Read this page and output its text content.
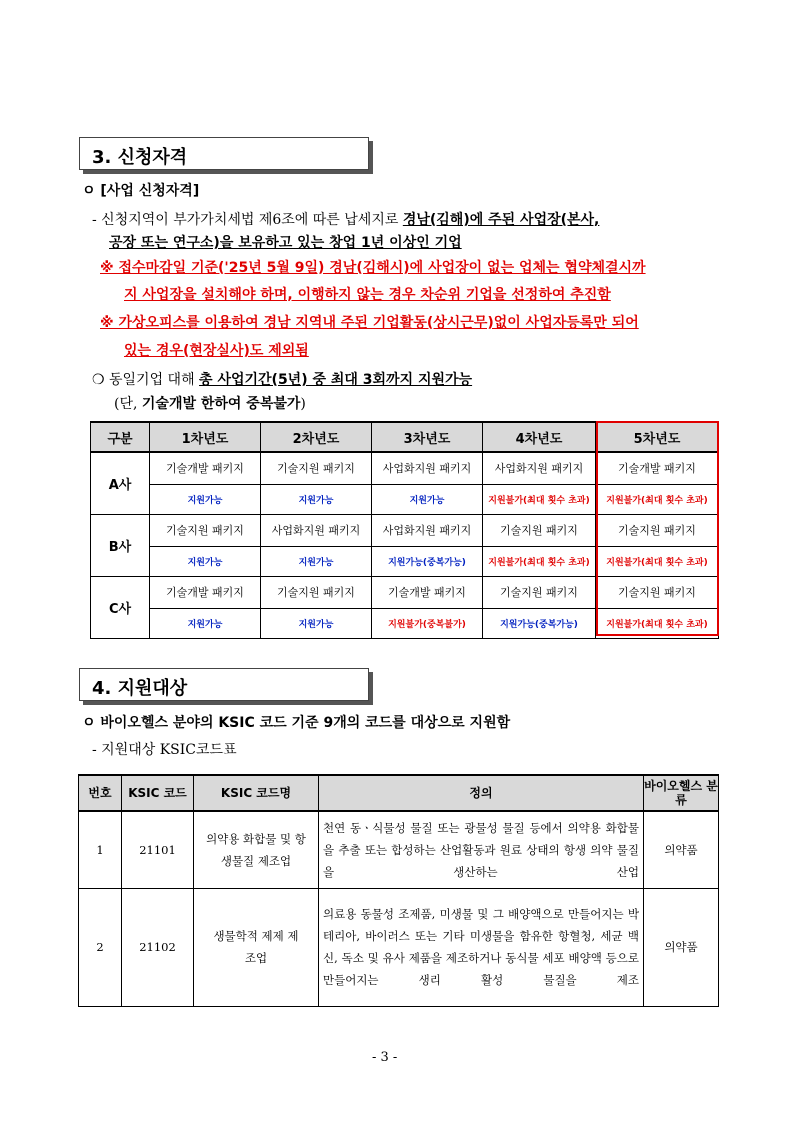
3. 신청자격
ㅇ [사업 신청자격]
- 신청지역이 부가가치세법 제6조에 따른 납세지로 경남(김해)에 주된 사업장(본사,
공장 또는 연구소)을 보유하고 있는 창업 1년 이상인 기업
※ 접수마감일 기준('25년 5월 9일) 경남(김해시)에 사업장이 없는 업체는 협약체결시까
지 사업장을 설치해야 하며, 이행하지 않는 경우 차순위 기업을 선정하여 추진함
※ 가상오피스를 이용하여 경남 지역내 주된 기업활동(상시근무)없이 사업자등록만 되어
있는 경우(현장실사)도 제외됨
❍ 동일기업 대해 총 사업기간(5년) 중 최대 3회까지 지원가능
(단, 기술개발 한하여 중복불가)
구분	1차년도	2차년도	3차년도	4차년도	5차년도
A사	기술개발 패키지	기술지원 패키지	사업화지원 패키지	사업화지원 패키지	기술개발 패키지
	지원가능	지원가능	지원가능	지원불가(최대 횟수 초과)	지원불가(최대 횟수 초과)
B사	기술지원 패키지	사업화지원 패키지	사업화지원 패키지	기술지원 패키지	기술지원 패키지
	지원가능	지원가능	지원가능(중복가능)	지원불가(최대 횟수 초과)	지원불가(최대 횟수 초과)
C사	기술개발 패키지	기술지원 패키지	기술개발 패키지	기술지원 패키지	기술지원 패키지
	지원가능	지원가능	지원불가(중복불가)	지원가능(중복가능)	지원불가(최대 횟수 초과)
4. 지원대상
ㅇ 바이오헬스 분야의 KSIC 코드 기준 9개의 코드를 대상으로 지원함
- 지원대상 KSIC코드표
번호	KSIC 코드	KSIC 코드명	정의	바이오헬스 분류
1	21101	의약용 화합물 및 항생물질 제조업	천연 동ㆍ식물성 물질 또는 광물성 물질 등에서 의약용 화합물을 추출 또는 합성하는 산업활동과 원료 상태의 항생 의약 물질을 생산하는 산업	의약품
2	21102	생물학적 제제 제조업	의료용 동물성 조제품, 미생물 및 그 배양액으로 만들어지는 박테리아, 바이러스 또는 기타 미생물을 함유한 항혈청, 세균 백신, 독소 및 유사 제품을 제조하거나 동식물 세포 배양액 등으로 만들어지는 생리 활성 물질을 제조	의약품
- 3 -
